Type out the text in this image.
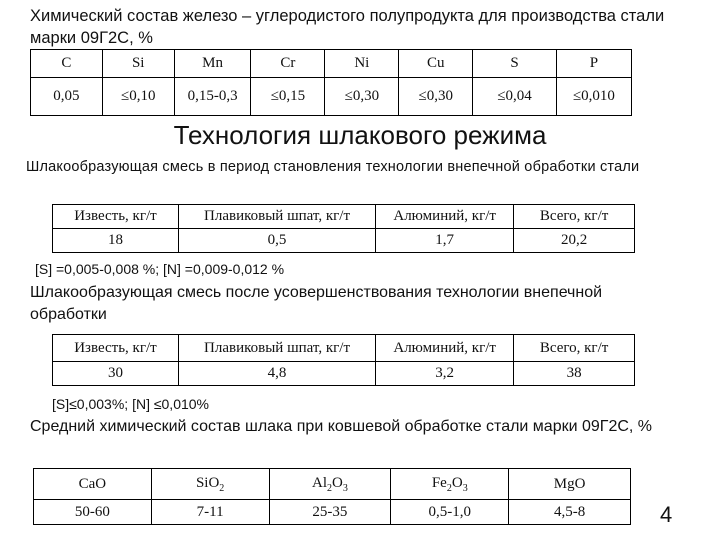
Химический состав железо – углеродистого полупродукта для производства стали марки 09Г2С, %
C	Si	Mn	Cr	Ni	Cu	S	P
0,05	≤0,10	0,15-0,3	≤0,15	≤0,30	≤0,30	≤0,04	≤0,010
Технология шлакового режима
Шлакообразующая смесь в период становления технологии внепечной обработки стали
Известь, кг/т	Плавиковый шпат, кг/т	Алюминий, кг/т	Всего, кг/т
18	0,5	1,7	20,2
[S] =0,005-0,008 %; [N] =0,009-0,012 %
Шлакообразующая смесь после усовершенствования технологии внепечной обработки
Известь, кг/т	Плавиковый шпат, кг/т	Алюминий, кг/т	Всего, кг/т
30	4,8	3,2	38
[S]≤0,003%; [N] ≤0,010%
Средний химический состав шлака при ковшевой обработке стали марки 09Г2С, %
CaO	SiO$_2$	$Al_2O_3$	$Fe_2O_3$	MgO
50-60	7-11	25-35	0,5-1,0	4,5-8	4
